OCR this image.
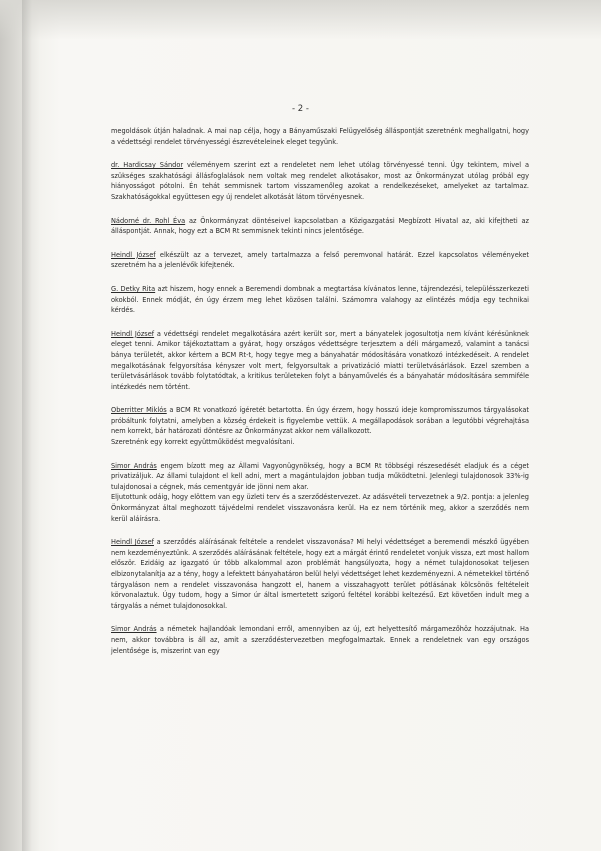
- 2 -

megoldások útján haladnak. A mai nap célja, hogy a Bányaműszaki Felügyelőség álláspontját szeretnénk meghallgatni, hogy a védettségi rendelet törvényességi észrevételeinek eleget tegyünk.

dr. Hardicsay Sándor véleményem szerint ezt a rendeletet nem lehet utólag törvényessé tenni. Úgy tekintem, mivel a szükséges szakhatósági állásfoglalások nem voltak meg rendelet alkotásakor, most az Önkormányzat utólag próbál egy hiányosságot pótolni. Én tehát semmisnek tartom visszamenőleg azokat a rendelkezéseket, amelyeket az tartalmaz. Szakhatóságokkal együttesen egy új rendelet alkotását látom törvényesnek.

Nádorné dr. Rohl Éva az Önkormányzat döntéseivel kapcsolatban a Közigazgatási Megbízott Hivatal az, aki kifejtheti az álláspontját. Annak, hogy ezt a BCM Rt semmisnek tekinti nincs jelentősége.

Heindl József elkészült az a tervezet, amely tartalmazza a felső peremvonal határát. Ezzel kapcsolatos véleményeket szeretném ha a jelenlévők kifejtenék.

G. Detky Rita azt hiszem, hogy ennek a Beremendi dombnak a megtartása kívánatos lenne, tájrendezési, településszerkezeti okokból. Ennek módját, én úgy érzem meg lehet közösen találni. Számomra valahogy az elintézés módja egy technikai kérdés.

Heindl József a védettségi rendelet megalkotására azért került sor, mert a bányatelek jogosultotja nem kívánt kérésünknek eleget tenni. Amikor tájékoztattam a gyárat, hogy országos védettségre terjesztem a déli márgamező, valamint a tanácsi bánya területét, akkor kértem a BCM Rt-t, hogy tegye meg a bányahatár módosítására vonatkozó intézkedéseit. A rendelet megalkotásának felgyorsítása kényszer volt mert, felgyorsultak a privatizáció miatti területvásárlások. Ezzel szemben a területvásárlások tovább folytatódtak, a kritikus területeken folyt a bányaművelés és a bányahatár módosítására semmiféle intézkedés nem történt.

Oberritter Miklós a BCM Rt vonatkozó ígéretét betartotta. Én úgy érzem, hogy hosszú ideje kompromisszumos tárgyalásokat próbáltunk folytatni, amelyben a község érdekeit is figyelembe vettük. A megállapodások sorában a legutóbbi végrehajtása nem korrekt, bár határozati döntésre az Önkormányzat akkor nem vállalkozott.

Szeretnénk egy korrekt együttműködést megvalósítani.

Simor András engem bízott meg az Állami Vagyonügynökség, hogy a BCM Rt többségi részesedését eladjuk és a céget privatizáljuk. Az állami tulajdont el kell adni, mert a magántulajdon jobban tudja működtetni. Jelenlegi tulajdonosok 33%-ig tulajdonosai a cégnek, más cementgyár ide jönni nem akar.

Eljutottunk odáig, hogy elöttem van egy üzleti terv és a szerződéstervezet. Az adásvételi tervezetnek a 9/2. pontja: a jelenleg Önkormányzat által meghozott tájvédelmi rendelet visszavonásra kerül. Ha ez nem történik meg, akkor a szerződés nem kerül aláírásra.

Heindl József a szerződés aláírásának feltétele a rendelet visszavonása? Mi helyi védettséget a beremendi mészkő ügyében nem kezdeményeztünk. A szerződés aláírásának feltétele, hogy ezt a márgát érintő rendeletet vonjuk vissza, ezt most hallom először. Ezidáig az igazgató úr több alkalommal azon problémát hangsúlyozta, hogy a német tulajdonosokat teljesen elbizonytalanítja az a tény, hogy a lefektett bányahatáron belül helyi védettséget lehet kezdeményezni. A németekkel történő tárgyaláson nem a rendelet visszavonása hangzott el, hanem a visszahagyott terület pótlásának kölcsönös feltételeit körvonalaztuk. Úgy tudom, hogy a Simor úr által ismertetett szigorú feltétel korábbi keltezésű. Ezt követően indult meg a tárgyalás a német tulajdonosokkal.

Simor András a németek hajlandóak lemondani erről, amennyiben az új, ezt helyettesítő márgamezőhöz hozzájutnak. Ha nem, akkor továbbra is áll az, amit a szerződéstervezetben megfogalmaztak. Ennek a rendeletnek van egy országos jelentősége is, miszerint van egy
